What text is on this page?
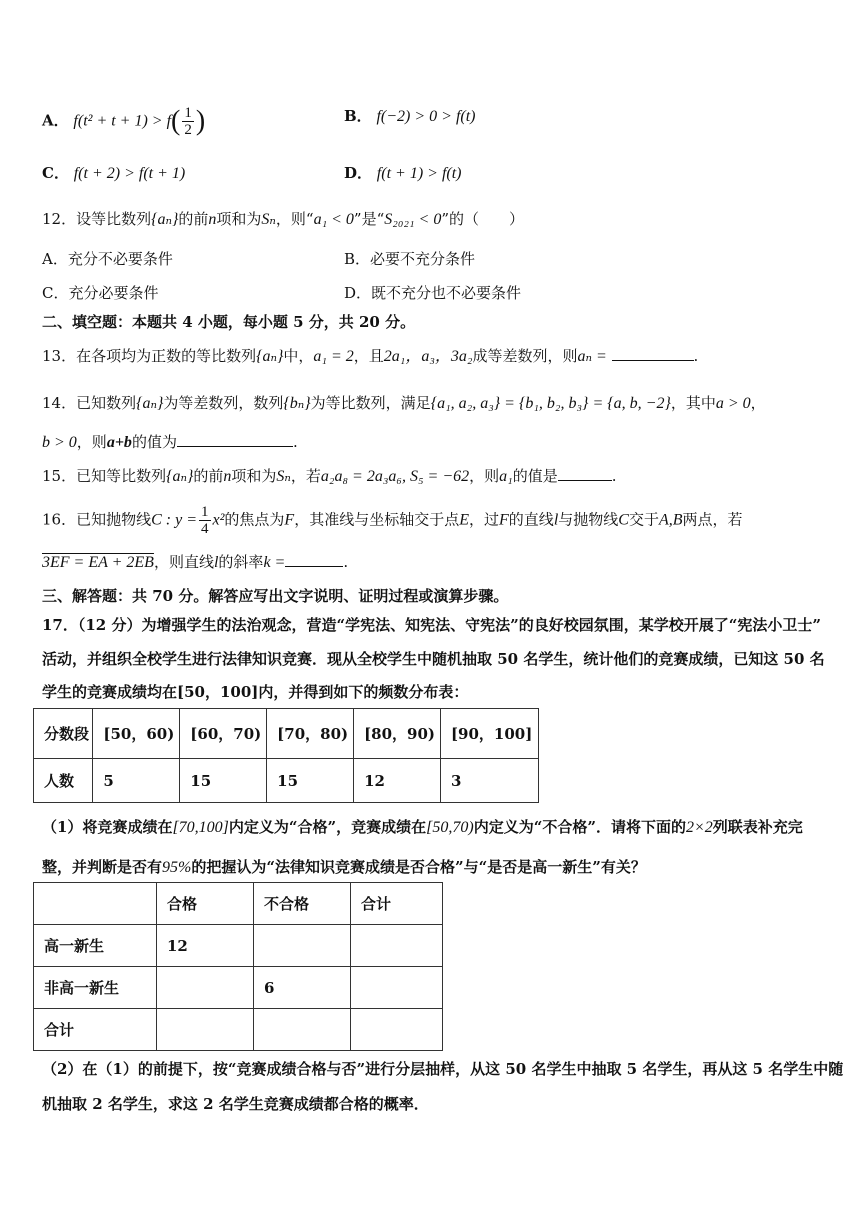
A． $f(t^2 + t + 1) > f( \frac{1}{2}$ )	B． f(−2) > 0 > f(t)
C． f(t + 2) > f(t + 1)	D． f(t + 1) > f(t)
12．设等比数列{aₙ}的前n项和为Sₙ，则“a₁ < 0”是“S₂₀₂₁ < 0”的（　　）
A．充分不必要条件	B．必要不充分条件
C．充分必要条件	D．既不充分也不必要条件
二、填空题：本题共 4 小题，每小题 5 分，共 20 分。
13．在各项均为正数的等比数列{aₙ}中，a₁ = 2，且2a₁，a₃，3a₂成等差数列，则aₙ =	.
14．已知数列{aₙ}为等差数列，数列{bₙ}为等比数列，满足{a₁, a₂, a₃} = {b₁, b₂, b₃} = {a, b, −2}，其中a > 0，
b > 0，则a+b的值为	.
15．已知等比数列{aₙ}的前n项和为Sₙ，若a₂a₈ = 2a₃a₆, S₅ = −62，则a₁的值是	.
16．已知抛物线C : $y = \frac{1}{4} x^2$的焦点为F，其准线与坐标轴交于点E，过F的直线l与抛物线C交于A,B两点，若
3EF = EA + 2EB，则直线l的斜率k =	.
三、解答题：共 70 分。解答应写出文字说明、证明过程或演算步骤。
17．（12 分）为增强学生的法治观念，营造“学宪法、知宪法、守宪法”的良好校园氛围，某学校开展了“宪法小卫士”
活动，并组织全校学生进行法律知识竞赛．现从全校学生中随机抽取 50 名学生，统计他们的竞赛成绩，已知这 50 名
学生的竞赛成绩均在[50，100]内，并得到如下的频数分布表：
分数段	[50，60)	[60，70)	[70，80)	[80，90)	[90，100]
人数	5	15	15	12	3
（1）将竞赛成绩在[70,100]内定义为“合格”，竞赛成绩在[50,70)内定义为“不合格”．请将下面的2×2列联表补充完
整，并判断是否有95%的把握认为“法律知识竞赛成绩是否合格”与“是否是高一新生”有关？
	合格	不合格	合计
高一新生	12		
非高一新生		6	
合计			
（2）在（1）的前提下，按“竞赛成绩合格与否”进行分层抽样，从这 50 名学生中抽取 5 名学生，再从这 5 名学生中随
机抽取 2 名学生，求这 2 名学生竞赛成绩都合格的概率．
